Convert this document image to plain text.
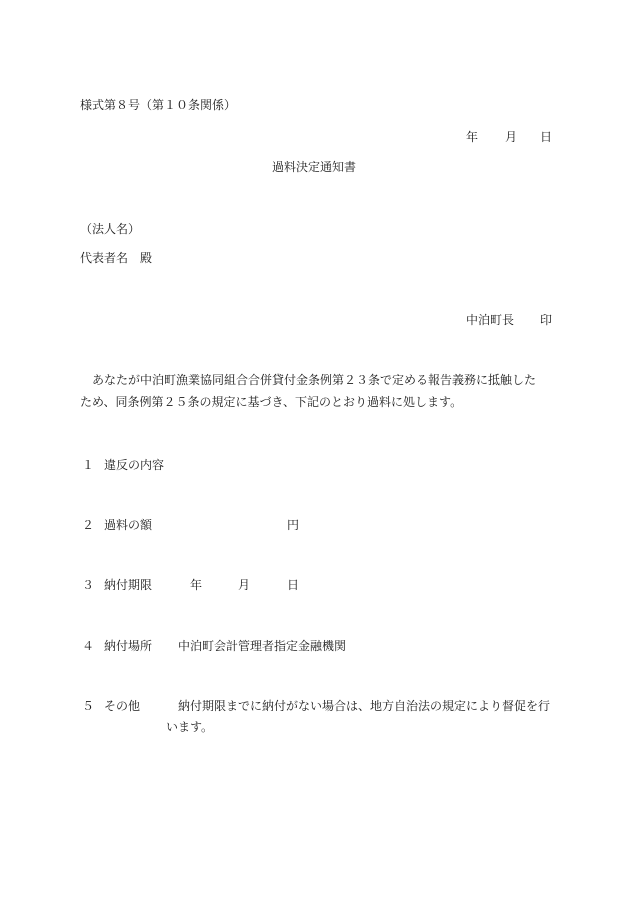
様式第８号（第１０条関係）
年 月 日
過料決定通知書
（法人名）
代表者名　殿
中泊町長 印
あなたが中泊町漁業協同組合合併貸付金条例第２３条で定める報告義務に抵触した
ため、同条例第２５条の規定に基づき、下記のとおり過料に処します。
１ 違反の内容
２ 過料の額	円
３ 納付期限	年	月	日
４ 納付場所 中泊町会計管理者指定金融機関
５ その他	納付期限までに納付がない場合は、地方自治法の規定により督促を行
います。
